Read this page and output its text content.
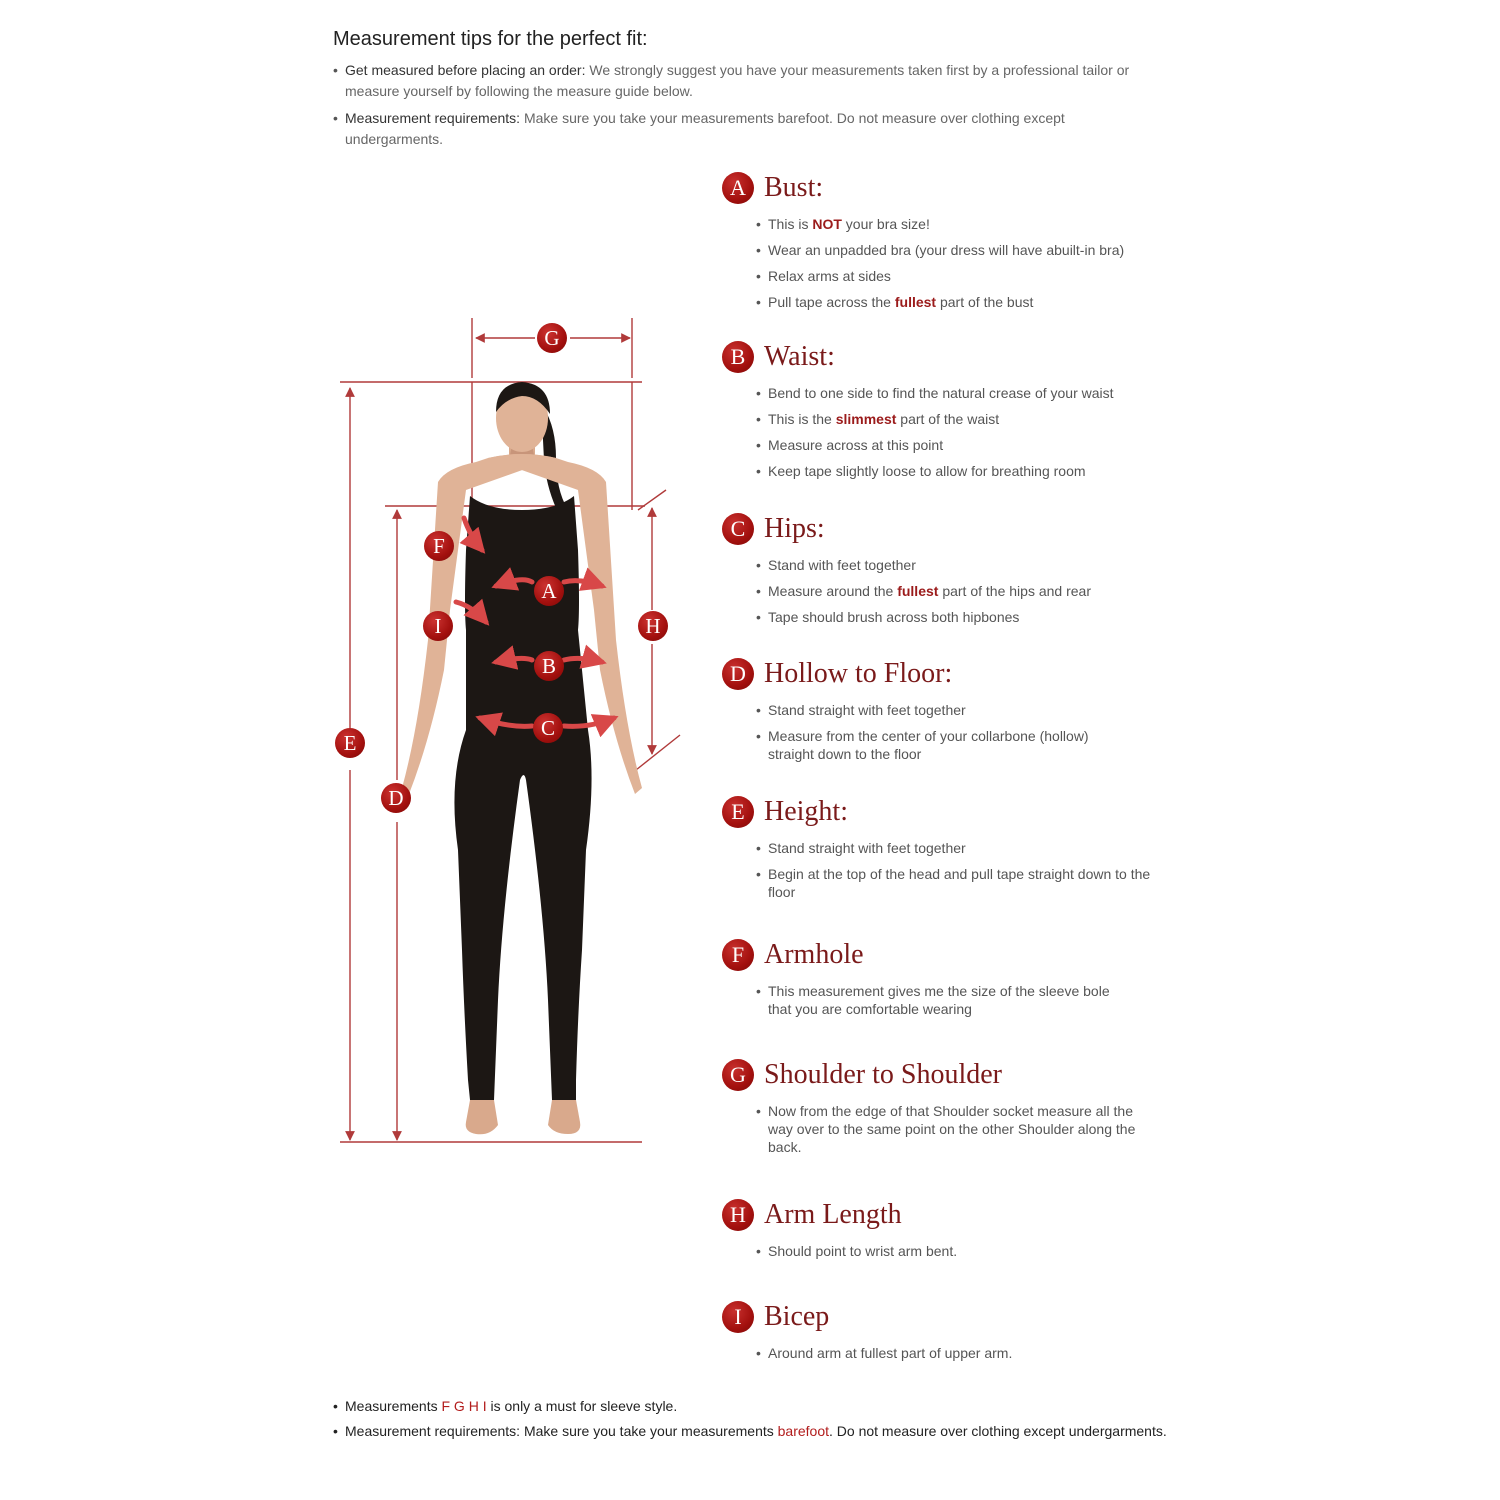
Measurement tips for the perfect fit:
• Get measured before placing an order: We strongly suggest you have your measurements taken first by a professional tailor or measure yourself by following the measure guide below.
• Measurement requirements: Make sure you take your measurements barefoot. Do not measure over clothing except undergarments.
G
F
A
I	H
B
C
E
D
A Bust:
• This is NOT your bra size!
• Wear an unpadded bra (your dress will have abuilt-in bra)
• Relax arms at sides
• Pull tape across the fullest part of the bust
B Waist:
• Bend to one side to find the natural crease of your waist
• This is the slimmest part of the waist
• Measure across at this point
• Keep tape slightly loose to allow for breathing room
C Hips:
• Stand with feet together
• Measure around the fullest part of the hips and rear
• Tape should brush across both hipbones
D Hollow to Floor:
• Stand straight with feet together
• Measure from the center of your collarbone (hollow) straight down to the floor
E Height:
• Stand straight with feet together
• Begin at the top of the head and pull tape straight down to the floor
F Armhole
• This measurement gives me the size of the sleeve bole that you are comfortable wearing
G Shoulder to Shoulder
• Now from the edge of that Shoulder socket measure all the way over to the same point on the other Shoulder along the back.
H Arm Length
• Should point to wrist arm bent.
I Bicep
• Around arm at fullest part of upper arm.
• Measurements F G H I is only a must for sleeve style.
• Measurement requirements: Make sure you take your measurements barefoot. Do not measure over clothing except undergarments.
